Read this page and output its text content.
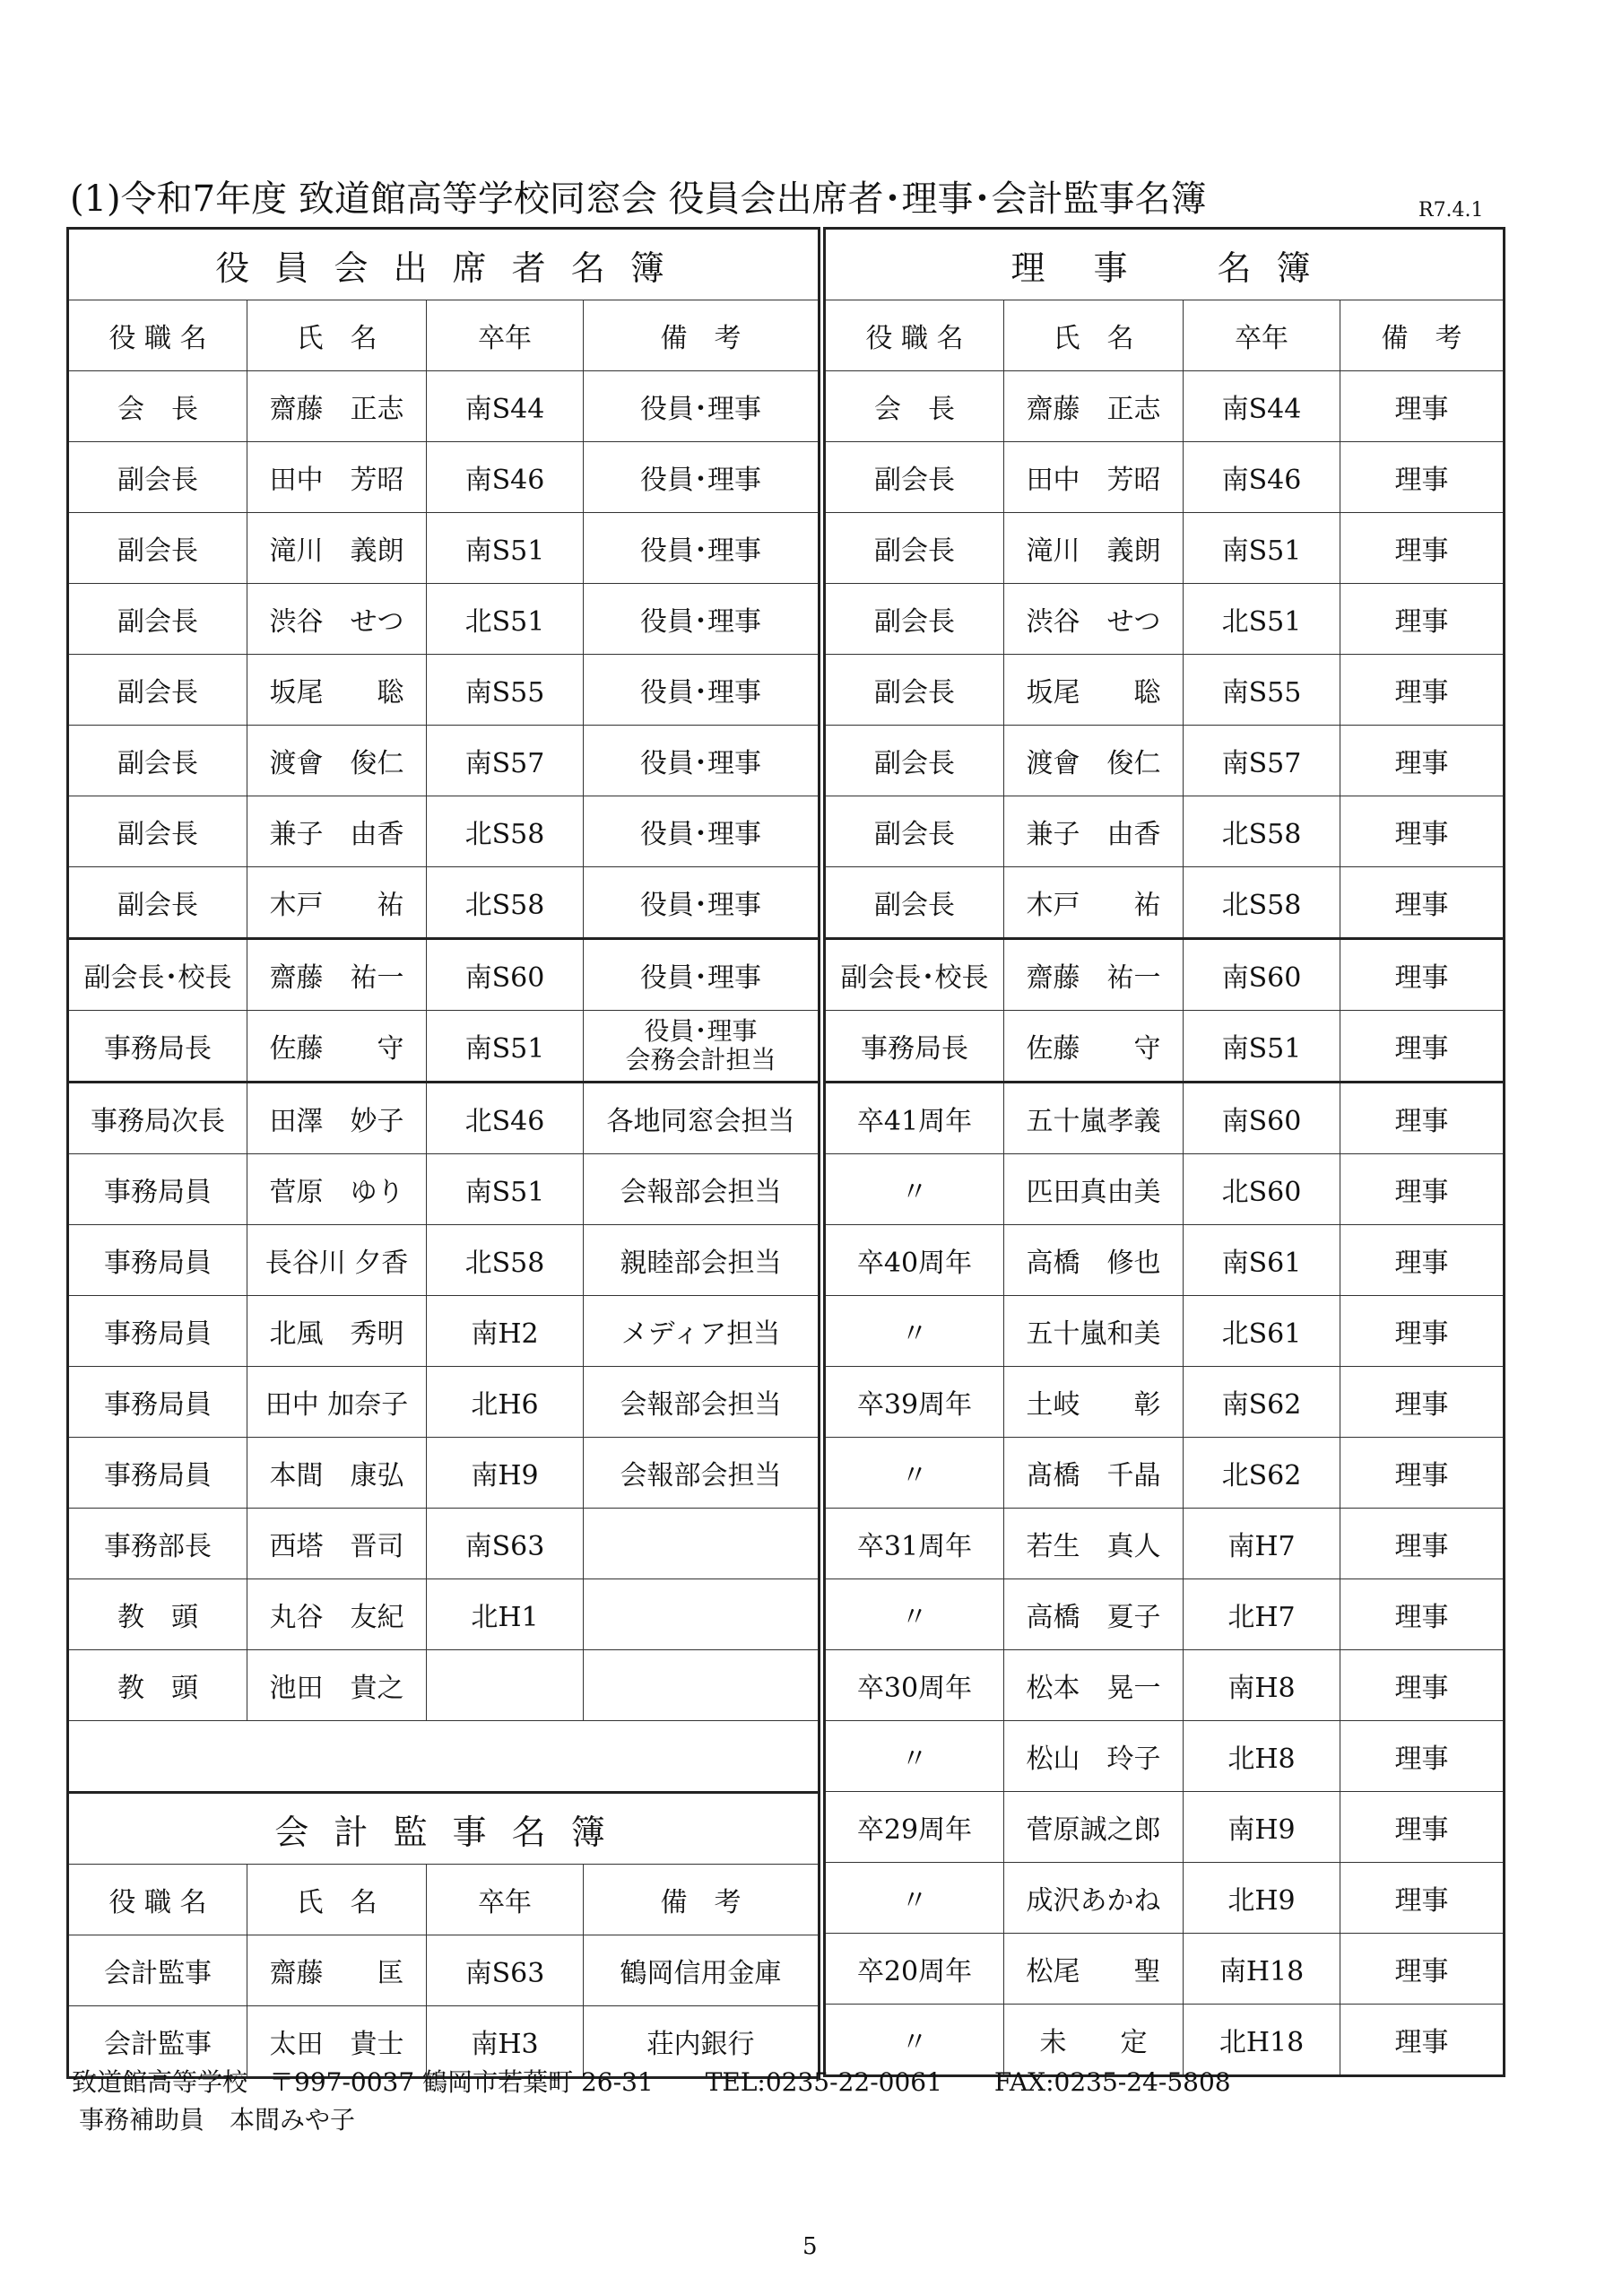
(1)令和7年度 致道館高等学校同窓会 役員会出席者･理事･会計監事名簿	R7.4.1
役 員 会 出 席 者 名 簿			
役 職 名	氏　名	卒年	備　考
会　長	齋藤　正志	南S44	役員･理事
副会長	田中　芳昭	南S46	役員･理事
副会長	滝川　義朗	南S51	役員･理事
副会長	渋谷　せつ	北S51	役員･理事
副会長	坂尾　　聡	南S55	役員･理事
副会長	渡會　俊仁	南S57	役員･理事
副会長	兼子　由香	北S58	役員･理事
副会長	木戸　　祐	北S58	役員･理事
副会長･校長	齋藤　祐一	南S60	役員･理事
事務局長	佐藤　　守	南S51	役員･理事
会務会計担当
事務局次長	田澤　妙子	北S46	各地同窓会担当
事務局員	菅原　ゆり	南S51	会報部会担当
事務局員	長谷川 夕香	北S58	親睦部会担当
事務局員	北風　秀明	南H2	メディア担当
事務局員	田中 加奈子	北H6	会報部会担当
事務局員	本間　康弘	南H9	会報部会担当
事務部長	西塔　晋司	南S63	
教　頭	丸谷　友紀	北H1	
教　頭	池田　貴之		

会 計 監 事 名 簿			
役 職 名	氏　名	卒年	備　考
会計監事	齋藤　　匡	南S63	鶴岡信用金庫
会計監事	太田　貴士	南H3	荘内銀行
理　事　　名 簿			
役 職 名	氏　名	卒年	備　考
会　長	齋藤　正志	南S44	理事
副会長	田中　芳昭	南S46	理事
副会長	滝川　義朗	南S51	理事
副会長	渋谷　せつ	北S51	理事
副会長	坂尾　　聡	南S55	理事
副会長	渡會　俊仁	南S57	理事
副会長	兼子　由香	北S58	理事
副会長	木戸　　祐	北S58	理事
副会長･校長	齋藤　祐一	南S60	理事
事務局長	佐藤　　守	南S51	理事
卒41周年	五十嵐孝義	南S60	理事
〃	匹田真由美	北S60	理事
卒40周年	高橋　修也	南S61	理事
〃	五十嵐和美	北S61	理事
卒39周年	土岐　　彰	南S62	理事
〃	髙橋　千晶	北S62	理事
卒31周年	若生　真人	南H7	理事
〃	高橋　夏子	北H7	理事
卒30周年	松本　晃一	南H8	理事
〃	松山　玲子	北H8	理事
卒29周年	菅原誠之郎	南H9	理事
〃	成沢あかね	北H9	理事
卒20周年	松尾　　聖	南H18	理事
〃	未　　定	北H18	理事
致道館高等学校 〒997-0037 鶴岡市若葉町 26-31 TEL:0235-22-0061 FAX:0235-24-5808
事務補助員　本間みや子
5
